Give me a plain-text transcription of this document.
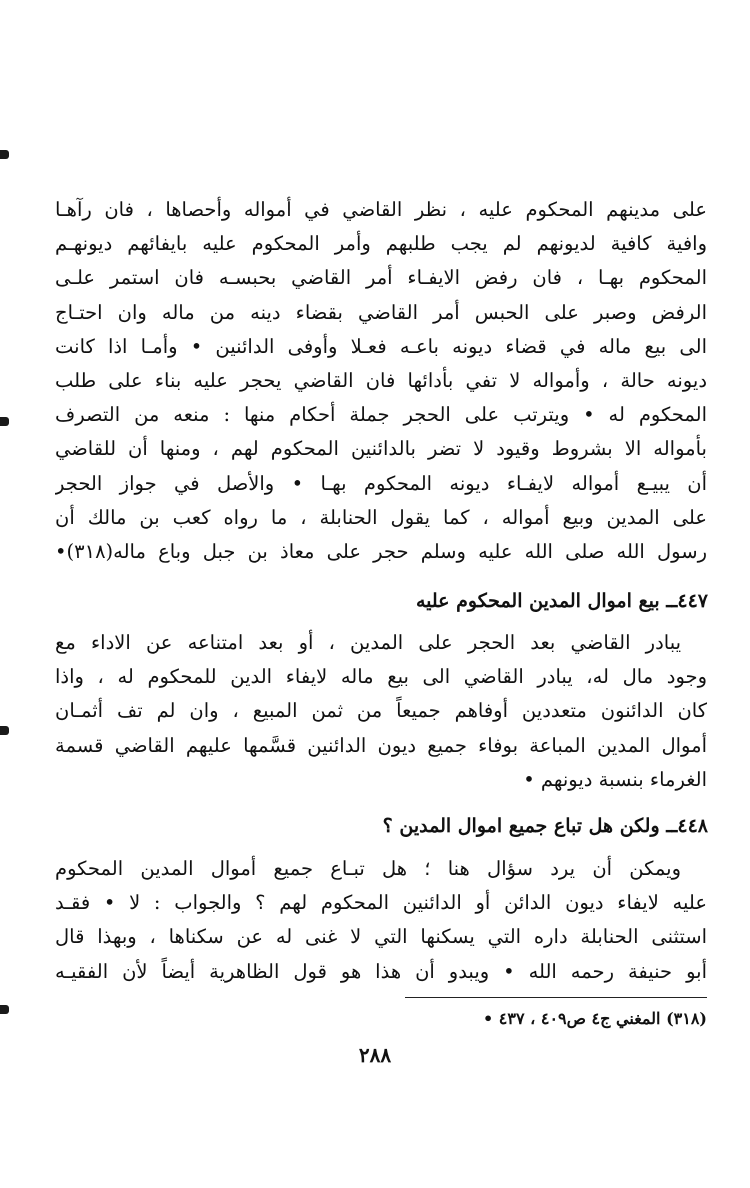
على مدينهم المحكوم عليه ، نظر القاضي في أمواله وأحصاها ، فان رآهـا
وافية كافية لديونهم لم يجب طلبهم وأمر المحكوم عليه بايفائهم ديونهـم
المحكوم بهـا ، فان رفض الايفـاء أمر القاضي بحبسـه فان استمر علـى
الرفض وصبر على الحبس أمر القاضي بقضاء دينه من ماله وان احتـاج
الى بيع ماله في قضاء ديونه باعـه فعـلا وأوفى الدائنين • وأمـا اذا كانت
ديونه حالة ، وأمواله لا تفي بأدائها فان القاضي يحجر عليه بناء على طلب
المحكوم له • ويترتب على الحجر جملة أحكام منها : منعه من التصرف
بأمواله الا بشروط وقيود لا تضر بالدائنين المحكوم لهم ، ومنها أن للقاضي
أن يبيـع أمواله لايفـاء ديونه المحكوم بهـا • والأصل في جواز الحجر
على المدين وبيع أمواله ، كما يقول الحنابلة ، ما رواه كعب بن مالك أن
رسول الله صلى الله عليه وسلم حجر على معاذ بن جبل وباع ماله(٣١٨)•
٤٤٧ــ بيع اموال المدين المحكوم عليه
يبادر القاضي بعد الحجر على المدين ، أو بعد امتناعه عن الاداء مع
وجود مال له، يبادر القاضي الى بيع ماله لايفاء الدين للمحكوم له ، واذا
كان الدائنون متعددين أوفاهم جميعاً من ثمن المبيع ، وان لم تف أثمـان
أموال المدين المباعة بوفاء جميع ديون الدائنين قسَّمها عليهم القاضي قسمة
الغرماء بنسبة ديونهم •
٤٤٨ــ ولكن هل تباع جميع اموال المدين ؟
ويمكن أن يرد سؤال هنا ؛ هل تبـاع جميع أموال المدين المحكوم
عليه لايفاء ديون الدائن أو الدائنين المحكوم لهم ؟ والجواب : لا • فقـد
استثنى الحنابلة داره التي يسكنها التي لا غنى له عن سكناها ، وبهذا قال
أبو حنيفة رحمه الله • ويبدو أن هذا هو قول الظاهرية أيضاً لأن الفقيـه
(٣١٨) المغني ج٤ ص٤٠٩ ، ٤٣٧ •
٢٨٨
